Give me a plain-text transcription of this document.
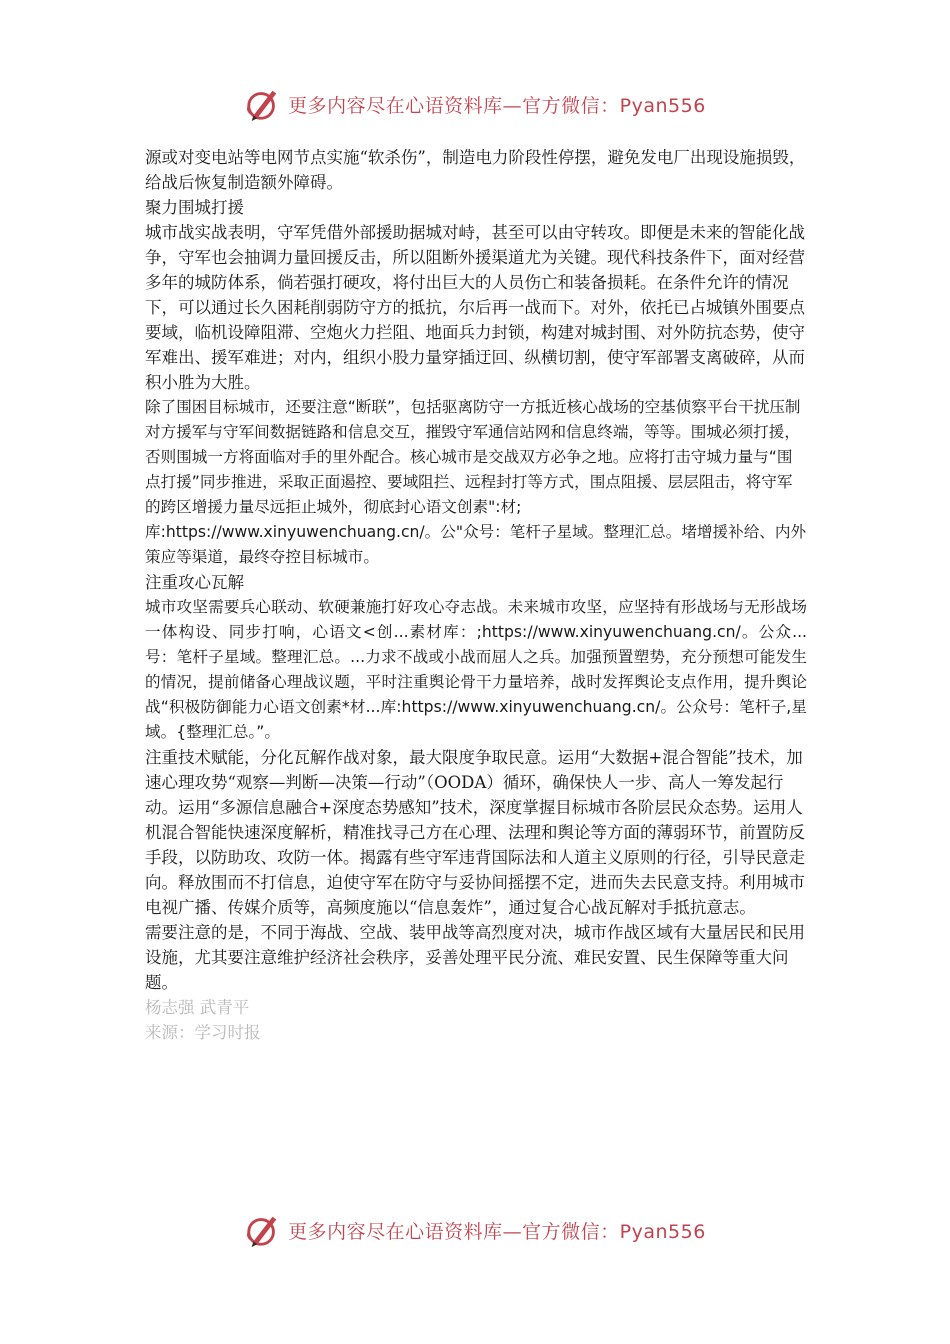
更多内容尽在心语资料库—官方微信：Pyan556

源或对变电站等电网节点实施“软杀伤”，制造电力阶段性停摆，避免发电厂出现设施损毁，给战后恢复制造额外障碍。

聚力围城打援

城市战实战表明，守军凭借外部援助据城对峙，甚至可以由守转攻。即便是未来的智能化战争，守军也会抽调力量回援反击，所以阻断外援渠道尤为关键。现代科技条件下，面对经营多年的城防体系，倘若强打硬攻，将付出巨大的人员伤亡和装备损耗。在条件允许的情况下，可以通过长久困耗削弱防守方的抵抗，尔后再一战而下。对外，依托已占城镇外围要点要域，临机设障阻滞、空炮火力拦阻、地面兵力封锁，构建对城封围、对外防抗态势，使守军难出、援军难进；对内，组织小股力量穿插迂回、纵横切割，使守军部署支离破碎，从而积小胜为大胜。

除了围困目标城市，还要注意“断联”，包括驱离防守一方抵近核心战场的空基侦察平台干扰压制对方援军与守军间数据链路和信息交互，摧毁守军通信站网和信息终端，等等。围城必须打援，否则围城一方将面临对手的里外配合。核心城市是交战双方必争之地。应将打击守城力量与“围点打援”同步推进，采取正面遏控、要域阻拦、远程封打等方式，围点阻援、层层阻击，将守军的跨区增援力量尽远拒止城外，彻底封心语文创素":材;库:https://www.xinyuwenchuang.cn/。公"众号：笔杆子星域。整理汇总。堵增援补给、内外策应等渠道，最终夺控目标城市。

注重攻心瓦解

城市攻坚需要兵心联动、软硬兼施打好攻心夺志战。未来城市攻坚，应坚持有形战场与无形战场一体构设、同步打响，心语文<创...素材库：;https://www.xinyuwenchuang.cn/。公众...号：笔杆子星域。整理汇总。...力求不战或小战而屈人之兵。加强预置塑势，充分预想可能发生的情况，提前储备心理战议题，平时注重舆论骨干力量培养，战时发挥舆论支点作用，提升舆论战“积极防御能力心语文创素*材...库:https://www.xinyuwenchuang.cn/。公众号：笔杆子,星域。{整理汇总。”。

注重技术赋能，分化瓦解作战对象，最大限度争取民意。运用“大数据+混合智能”技术，加速心理攻势“观察—判断—决策—行动”（OODA）循环，确保快人一步、高人一筹发起行动。运用“多源信息融合+深度态势感知”技术，深度掌握目标城市各阶层民众态势。运用人机混合智能快速深度解析，精准找寻己方在心理、法理和舆论等方面的薄弱环节，前置防反手段，以防助攻、攻防一体。揭露有些守军违背国际法和人道主义原则的行径，引导民意走向。释放围而不打信息，迫使守军在防守与妥协间摇摆不定，进而失去民意支持。利用城市电视广播、传媒介质等，高频度施以“信息轰炸”，通过复合心战瓦解对手抵抗意志。

需要注意的是，不同于海战、空战、装甲战等高烈度对决，城市作战区域有大量居民和民用设施，尤其要注意维护经济社会秩序，妥善处理平民分流、难民安置、民生保障等重大问题。

杨志强 武青平

来源：学习时报

更多内容尽在心语资料库—官方微信：Pyan556
